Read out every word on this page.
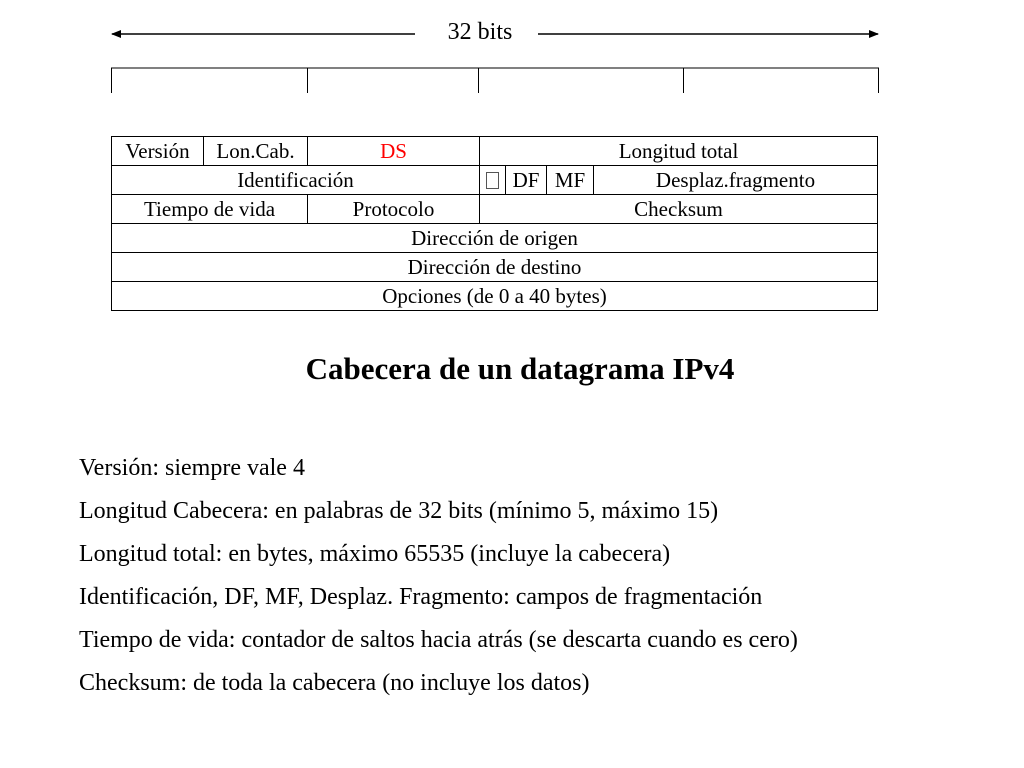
32 bits
Versión	Lon.Cab.	DS	Longitud total			
Identificación				DF	MF	Desplaz.fragmento
Tiempo de vida		Protocolo	Checksum			
Dirección de origen						
Dirección de destino						
Opciones (de 0 a 40 bytes)						
Cabecera de un datagrama IPv4
Versión: siempre vale 4
Longitud Cabecera: en palabras de 32 bits (mínimo 5, máximo 15)
Longitud total: en bytes, máximo 65535 (incluye la cabecera)
Identificación, DF, MF, Desplaz. Fragmento: campos de fragmentación
Tiempo de vida: contador de saltos hacia atrás (se descarta cuando es cero)
Checksum: de toda la cabecera (no incluye los datos)
